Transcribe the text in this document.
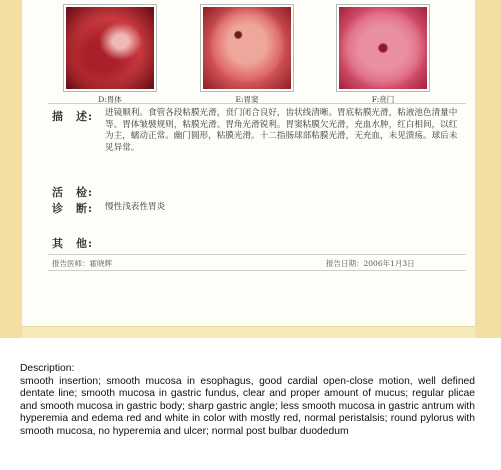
D:胃体	E:胃窦	F:贲门
描　述: 进镜顺利。食管各段粘膜光滑，贲门闭合良好，齿状线清晰。胃底粘膜光滑，粘液池色清量中等。胃体皱襞规则，粘膜光滑。胃角光滑锐利。胃窦粘膜欠光滑，充血水肿，红白相间，以红为主，蠕动正常。幽门圆形，粘膜光滑。十二指肠球部粘膜光滑，无充血，未见溃疡。球后未见异常。
活　检:
诊　断: 慢性浅表性胃炎
其　他:
报告医师：霍晓辉	报告日期：2006年1月3日
Description:
smooth insertion; smooth mucosa in esophagus, good cardial open-close motion, well defined dentate line; smooth mucosa in gastric fundus, clear and proper amount of mucus; regular plicae and smooth mucosa in gastric body; sharp gastric angle; less smooth mucosa in gastric antrum with hyperemia and edema red and white in color with mostly red, normal peristalsis; round pylorus with smooth mucosa, no hyperemia and ulcer; normal post bulbar duodedum
